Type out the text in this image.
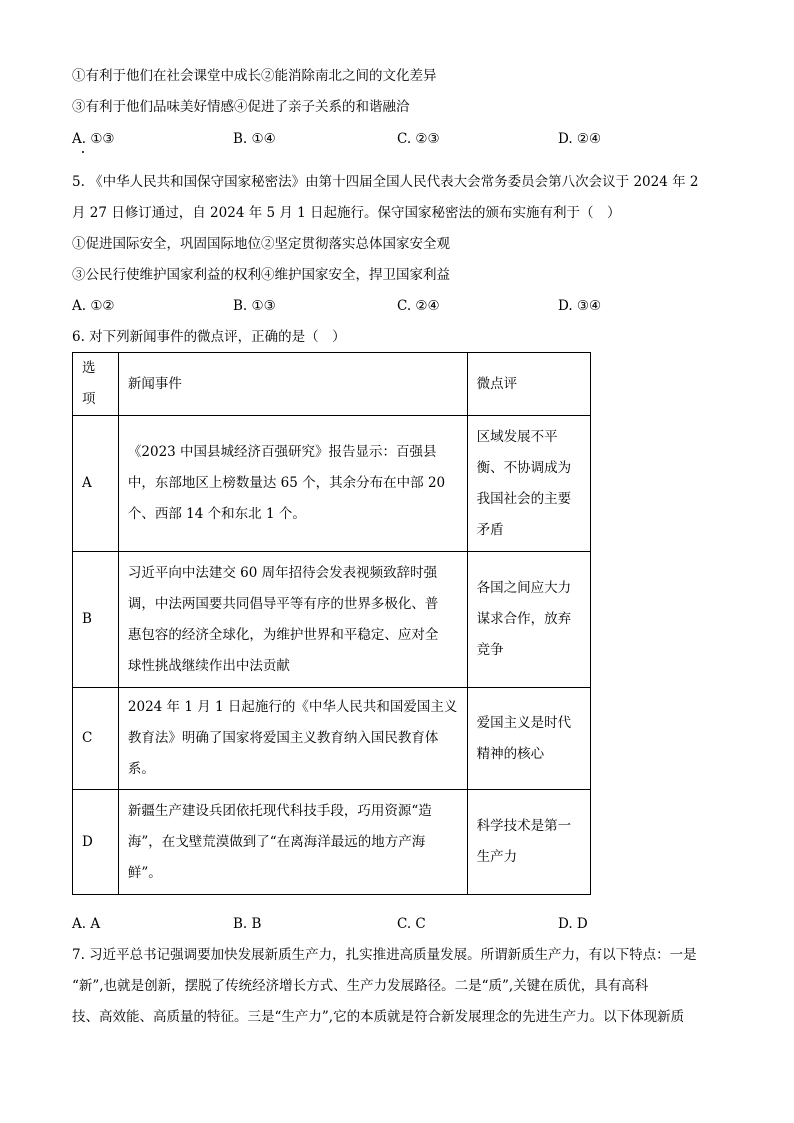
①有利于他们在社会课堂中成长②能消除南北之间的文化差异
③有利于他们品味美好情感④促进了亲子关系的和谐融洽
A. ①③	B. ①④	C. ②③	D. ②④
5. 《中华人民共和国保守国家秘密法》由第十四届全国人民代表大会常务委员会第八次会议于 2024 年 2
月 27 日修订通过，自 2024 年 5 月 1 日起施行。保守国家秘密法的颁布实施有利于（　）
①促进国际安全，巩固国际地位②坚定贯彻落实总体国家安全观
③公民行使维护国家利益的权利④维护国家安全，捍卫国家利益
A. ①②	B. ①③	C. ②④	D. ③④
6. 对下列新闻事件的微点评，正确的是（　）
选项	新闻事件	微点评
A	《2023 中国县城经济百强研究》报告显示：百强县
中，东部地区上榜数量达 65 个，其余分布在中部 20
个、西部 14 个和东北 1 个。	区域发展不平
衡、不协调成为
我国社会的主要
矛盾
B	习近平向中法建交 60 周年招待会发表视频致辞时强
调，中法两国要共同倡导平等有序的世界多极化、普
惠包容的经济全球化，为维护世界和平稳定、应对全
球性挑战继续作出中法贡献	各国之间应大力
谋求合作，放弃
竞争
C	2024 年 1 月 1 日起施行的《中华人民共和国爱国主义
教育法》明确了国家将爱国主义教育纳入国民教育体
系。	爱国主义是时代
精神的核心
D	新疆生产建设兵团依托现代科技手段，巧用资源“造
海”，在戈壁荒漠做到了“在离海洋最远的地方产海
鲜”。	科学技术是第一
生产力
A. A	B. B	C. C	D. D
7. 习近平总书记强调要加快发展新质生产力，扎实推进高质量发展。所谓新质生产力，有以下特点：一是
“新”,也就是创新，摆脱了传统经济增长方式、生产力发展路径。二是“质”,关键在质优，具有高科
技、高效能、高质量的特征。三是“生产力”,它的本质就是符合新发展理念的先进生产力。以下体现新质
